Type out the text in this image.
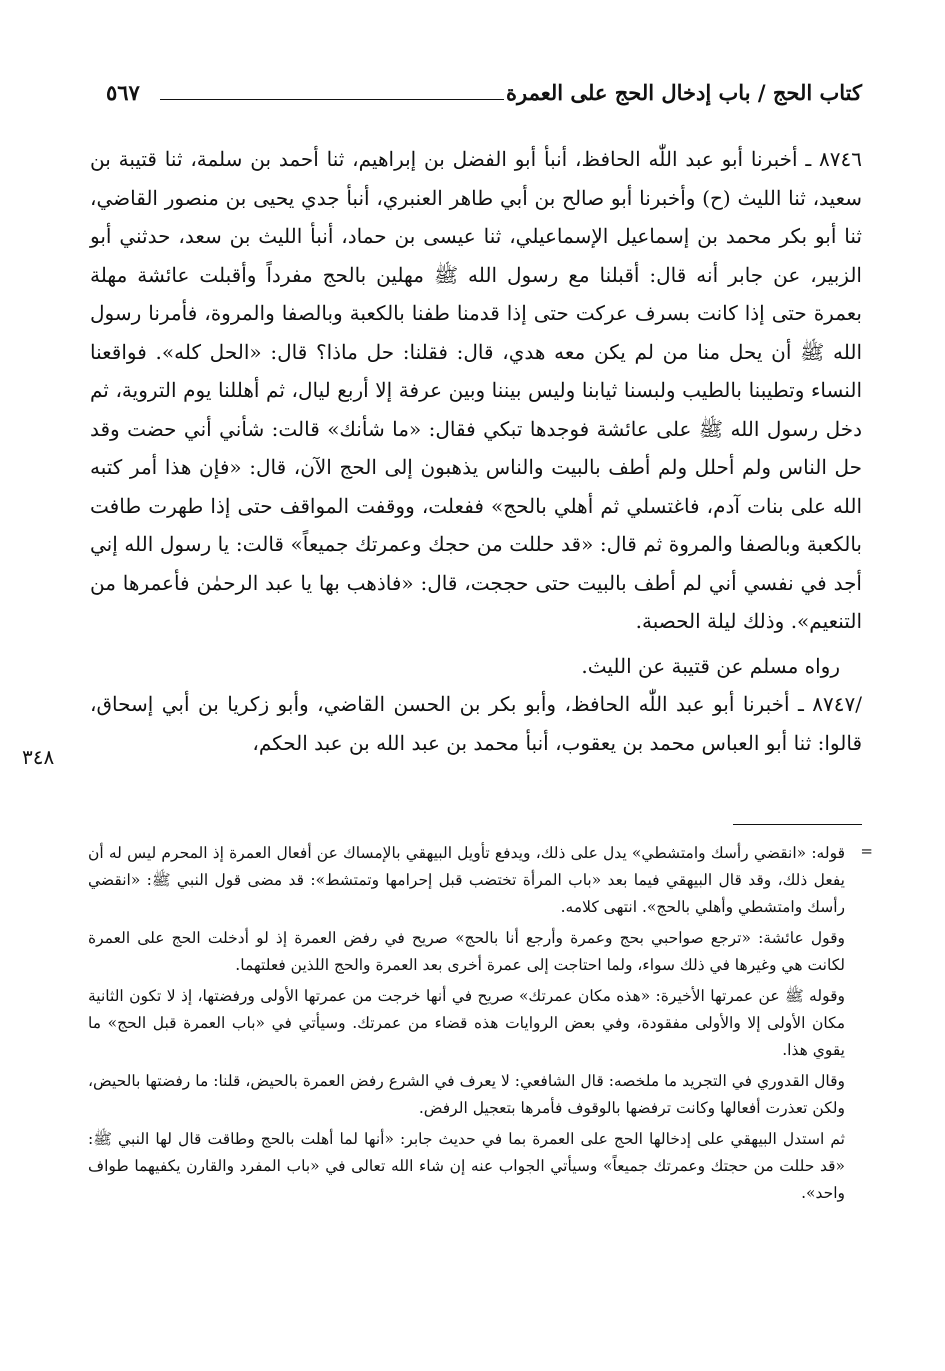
كتاب الحج / باب إدخال الحج على العمرة
٥٦٧

٨٧٤٦ ـ أخبرنا أبو عبد اللّٰه الحافظ، أنبأ أبو الفضل بن إبراهيم، ثنا أحمد بن سلمة، ثنا قتيبة بن سعيد، ثنا الليث (ح) وأخبرنا أبو صالح بن أبي طاهر العنبري، أنبأ جدي يحيى بن منصور القاضي، ثنا أبو بكر محمد بن إسماعيل الإسماعيلي، ثنا عيسى بن حماد، أنبأ الليث بن سعد، حدثني أبو الزبير، عن جابر أنه قال: أقبلنا مع رسول الله ﷺ مهلين بالحج مفرداً وأقبلت عائشة مهلة بعمرة حتى إذا كانت بسرف عركت حتى إذا قدمنا طفنا بالكعبة وبالصفا والمروة، فأمرنا رسول الله ﷺ أن يحل منا من لم يكن معه هدي، قال: فقلنا: حل ماذا؟ قال: «الحل كله». فواقعنا النساء وتطيبنا بالطيب ولبسنا ثيابنا وليس بيننا وبين عرفة إلا أربع ليال، ثم أهللنا يوم التروية، ثم دخل رسول الله ﷺ على عائشة فوجدها تبكي فقال: «ما شأنك» قالت: شأني أني حضت وقد حل الناس ولم أحلل ولم أطف بالبيت والناس يذهبون إلى الحج الآن، قال: «فإن هذا أمر كتبه الله على بنات آدم، فاغتسلي ثم أهلي بالحج» ففعلت، ووقفت المواقف حتى إذا طهرت طافت بالكعبة وبالصفا والمروة ثم قال: «قد حللت من حجك وعمرتك جميعاً» قالت: يا رسول الله إني أجد في نفسي أني لم أطف بالبيت حتى حججت، قال: «فاذهب بها يا عبد الرحمٰن فأعمرها من التنعيم». وذلك ليلة الحصبة.

رواه مسلم عن قتيبة عن الليث.

/٨٧٤٧ ـ أخبرنا أبو عبد اللّٰه الحافظ، وأبو بكر بن الحسن القاضي، وأبو زكريا بن أبي إسحاق، قالوا: ثنا أبو العباس محمد بن يعقوب، أنبأ محمد بن عبد الله بن عبد الحكم،

٣٤٨
=

قوله: «انقضي رأسك وامتشطي» يدل على ذلك، ويدفع تأويل البيهقي بالإمساك عن أفعال العمرة إذ المحرم ليس له أن يفعل ذلك، وقد قال البيهقي فيما بعد «باب المرأة تختضب قبل إحرامها وتمتشط»: قد مضى قول النبي ﷺ: «انقضي رأسك وامتشطي وأهلي بالحج». انتهى كلامه.

وقول عائشة: «ترجع صواحبي بحج وعمرة وأرجع أنا بالحج» صريح في رفض العمرة إذ لو أدخلت الحج على العمرة لكانت هي وغيرها في ذلك سواء، ولما احتاجت إلى عمرة أخرى بعد العمرة والحج اللذين فعلتهما.

وقوله ﷺ عن عمرتها الأخيرة: «هذه مكان عمرتك» صريح في أنها خرجت من عمرتها الأولى ورفضتها، إذ لا تكون الثانية مكان الأولى إلا والأولى مفقودة، وفي بعض الروايات هذه قضاء من عمرتك. وسيأتي في «باب العمرة قبل الحج» ما يقوي هذا.

وقال القدوري في التجريد ما ملخصه: قال الشافعي: لا يعرف في الشرع رفض العمرة بالحيض، قلنا: ما رفضتها بالحيض، ولكن تعذرت أفعالها وكانت ترفضها بالوقوف فأمرها بتعجيل الرفض.

ثم استدل البيهقي على إدخالها الحج على العمرة بما في حديث جابر: «أنها لما أهلت بالحج وطاقت قال لها النبي ﷺ: «قد حللت من حجتك وعمرتك جميعاً» وسيأتي الجواب عنه إن شاء الله تعالى في «باب المفرد والقارن يكفيهما طواف واحد».
